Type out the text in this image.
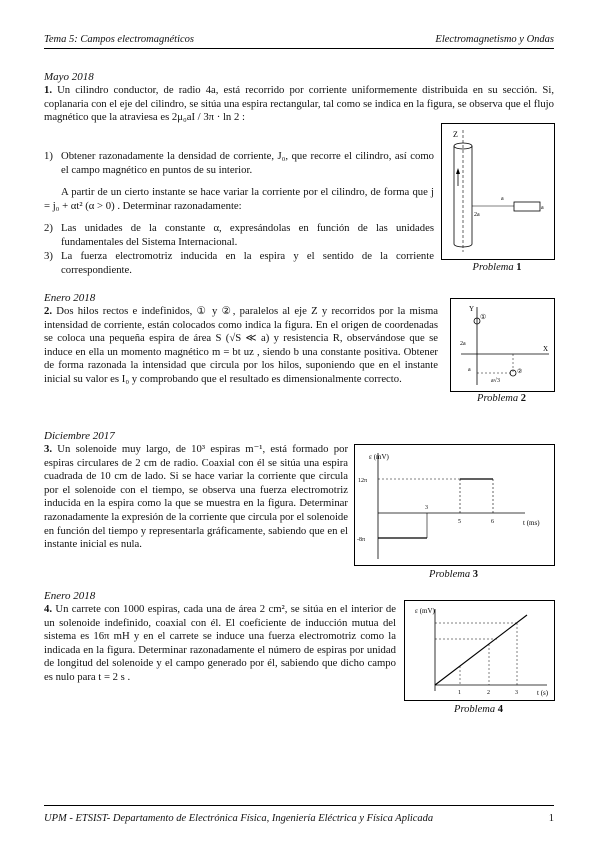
Tema 5: Campos electromagnéticos	Electromagnetismo y Ondas
Mayo 2018

1. Un cilindro conductor, de radio 4a, está recorrido por corriente uniformemente distribuida en su sección. Si, coplanaria con el eje del cilindro, se sitúa una espira rectangular, tal como se indica en la figura, se observa que el flujo magnético que la atraviesa es 2μ₀aI / 3π · ln 2 :

1) Obtener razonadamente la densidad de corriente, J₀, que recorre el cilindro, así como el campo magnético en puntos de su interior.

A partir de un cierto instante se hace variar la corriente por el cilindro, de forma que j = j₀ + αt² (α > 0) . Determinar razonadamente:

2) Las unidades de la constante α, expresándolas en función de las unidades fundamentales del Sistema Internacional.
3) La fuerza electromotriz inducida en la espira y el sentido de la corriente correspondiente.
Z
a
2a
a
Problema 1
Enero 2018

2. Dos hilos rectos e indefinidos, ① y ②, paralelos al eje Z y recorridos por la misma intensidad de corriente, están colocados como indica la figura. En el origen de coordenadas se coloca una pequeña espira de área S (√S ≪ a) y resistencia R, observándose que se induce en ella un momento magnético m = bt uz , siendo b una constante positiva. Obtener de forma razonada la intensidad que circula por los hilos, suponiendo que en el instante inicial su valor es I₀ y comprobando que el resultado es dimensionalmente correcto.

Y
X
①
2a
②
a
a√3
Problema 2
Diciembre 2017

3. Un solenoide muy largo, de 10³ espiras m⁻¹, está formado por espiras circulares de 2 cm de radio. Coaxial con él se sitúa una espira cuadrada de 10 cm de lado. Si se hace variar la corriente que circula por el solenoide con el tiempo, se observa una fuerza electromotriz inducida en la espira como la que se muestra en la figura. Determinar razonadamente la expresión de la corriente que circula por el solenoide en función del tiempo y representarla gráficamente, sabiendo que en el instante inicial es nula.

ε (mV)
t (ms)
12π
-8π
3
5	6
Problema 3
Enero 2018

4. Un carrete con 1000 espiras, cada una de área 2 cm², se sitúa en el interior de un solenoide indefinido, coaxial con él. El coeficiente de inducción mutua del sistema es 16π mH y en el carrete se induce una fuerza electromotriz como la indicada en la figura. Determinar razonadamente el número de espiras por unidad de longitud del solenoide y el campo generado por él, sabiendo que dicho campo es nulo para t = 2 s .

ε (mV)
t (s)
1	2	3
Problema 4
UPM - ETSIST- Departamento de Electrónica Física, Ingeniería Eléctrica y Física Aplicada	1
